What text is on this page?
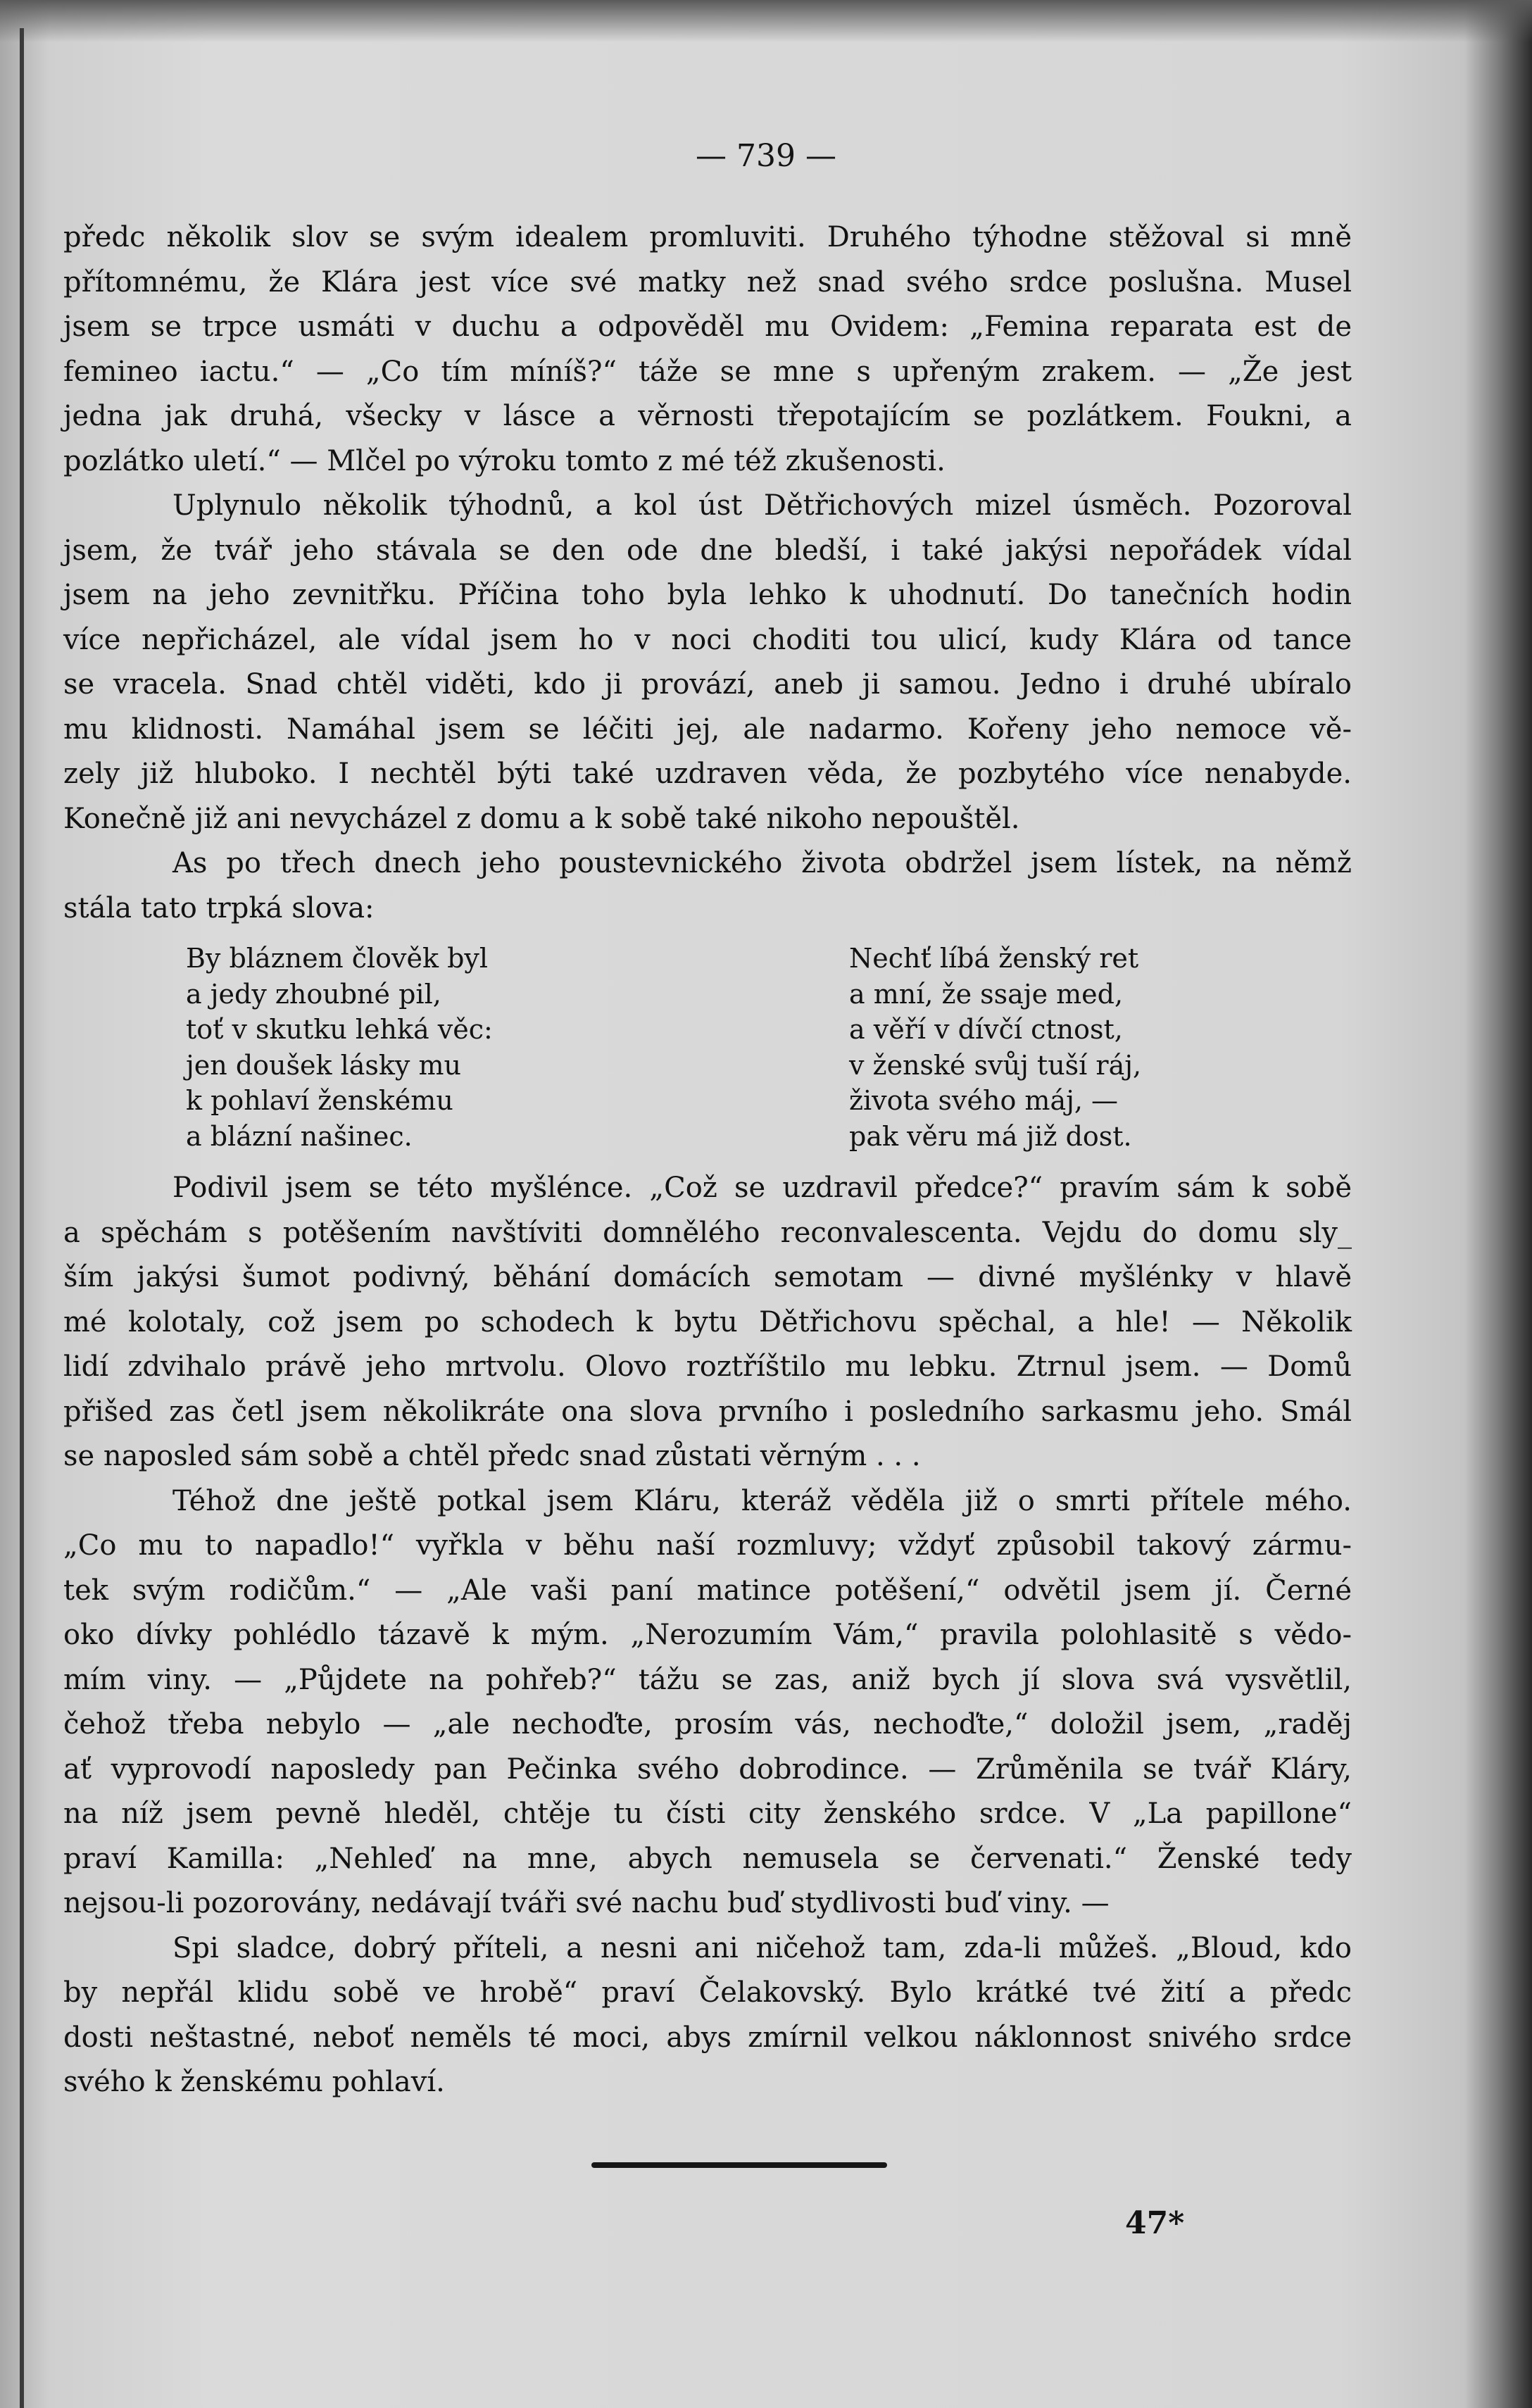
— 739 —

předc několik slov se svým idealem promluviti. Druhého týhodne stěžoval si mně

přítomnému, že Klára jest více své matky než snad svého srdce poslušna. Musel

jsem se trpce usmáti v duchu a odpověděl mu Ovidem: „Femina reparata est de

femineo iactu.“ — „Co tím míníš?“ táže se mne s upřeným zrakem. — „Že jest

jedna jak druhá, všecky v lásce a věrnosti třepotajícím se pozlátkem. Foukni, a

pozlátko uletí.“ — Mlčel po výroku tomto z mé též zkušenosti.

Uplynulo několik týhodnů, a kol úst Dětřichových mizel úsměch. Pozoroval

jsem, že tvář jeho stávala se den ode dne bledší, i také jakýsi nepořádek vídal

jsem na jeho zevnitřku. Příčina toho byla lehko k uhodnutí. Do tanečních hodin

více nepřicházel, ale vídal jsem ho v noci choditi tou ulicí, kudy Klára od tance

se vracela. Snad chtěl viděti, kdo ji provází, aneb ji samou. Jedno i druhé ubíralo

mu klidnosti. Namáhal jsem se léčiti jej, ale nadarmo. Kořeny jeho nemoce vě-

zely již hluboko. I nechtěl býti také uzdraven věda, že pozbytého více nenabyde.

Konečně již ani nevycházel z domu a k sobě také nikoho nepouštěl.

As po třech dnech jeho poustevnického života obdržel jsem lístek, na němž

stála tato trpká slova:

By bláznem člověk byl
a jedy zhoubné pil,
toť v skutku lehká věc:
jen doušek lásky mu
k pohlaví ženskému
a blázní našinec.
Nechť líbá ženský ret
a mní, že ssaje med,
a věří v dívčí ctnost,
v ženské svůj tuší ráj,
života svého máj, —
pak věru má již dost.

Podivil jsem se této myšlénce. „Což se uzdravil předce?“ pravím sám k sobě

a spěchám s potěšením navštíviti domnělého reconvalescenta. Vejdu do domu sly_

ším jakýsi šumot podivný, běhání domácích semotam — divné myšlénky v hlavě

mé kolotaly, což jsem po schodech k bytu Dětřichovu spěchal, a hle! — Několik

lidí zdvihalo právě jeho mrtvolu. Olovo roztříštilo mu lebku. Ztrnul jsem. — Domů

přišed zas četl jsem několikráte ona slova prvního i posledního sarkasmu jeho. Smál

se naposled sám sobě a chtěl předc snad zůstati věrným . . .

Téhož dne ještě potkal jsem Kláru, kteráž věděla již o smrti přítele mého.

„Co mu to napadlo!“ vyřkla v běhu naší rozmluvy; vždyť způsobil takový zármu-

tek svým rodičům.“ — „Ale vaši paní matince potěšení,“ odvětil jsem jí. Černé

oko dívky pohlédlo tázavě k mým. „Nerozumím Vám,“ pravila polohlasitě s vědo-

mím viny. — „Půjdete na pohřeb?“ tážu se zas, aniž bych jí slova svá vysvětlil,

čehož třeba nebylo — „ale nechoďte, prosím vás, nechoďte,“ doložil jsem, „raděj

ať vyprovodí naposledy pan Pečinka svého dobrodince. — Zrůměnila se tvář Kláry,

na níž jsem pevně hleděl, chtěje tu čísti city ženského srdce. V „La papillone“

praví Kamilla: „Nehleď na mne, abych nemusela se červenati.“ Ženské tedy

nejsou-li pozorovány, nedávají tváři své nachu buď stydlivosti buď viny. —

Spi sladce, dobrý příteli, a nesni ani ničehož tam, zda-li můžeš. „Bloud, kdo

by nepřál klidu sobě ve hrobě“ praví Čelakovský. Bylo krátké tvé žití a předc

dosti neštastné, neboť neměls té moci, abys zmírnil velkou náklonnost snivého srdce

svého k ženskému pohlaví.

47*
